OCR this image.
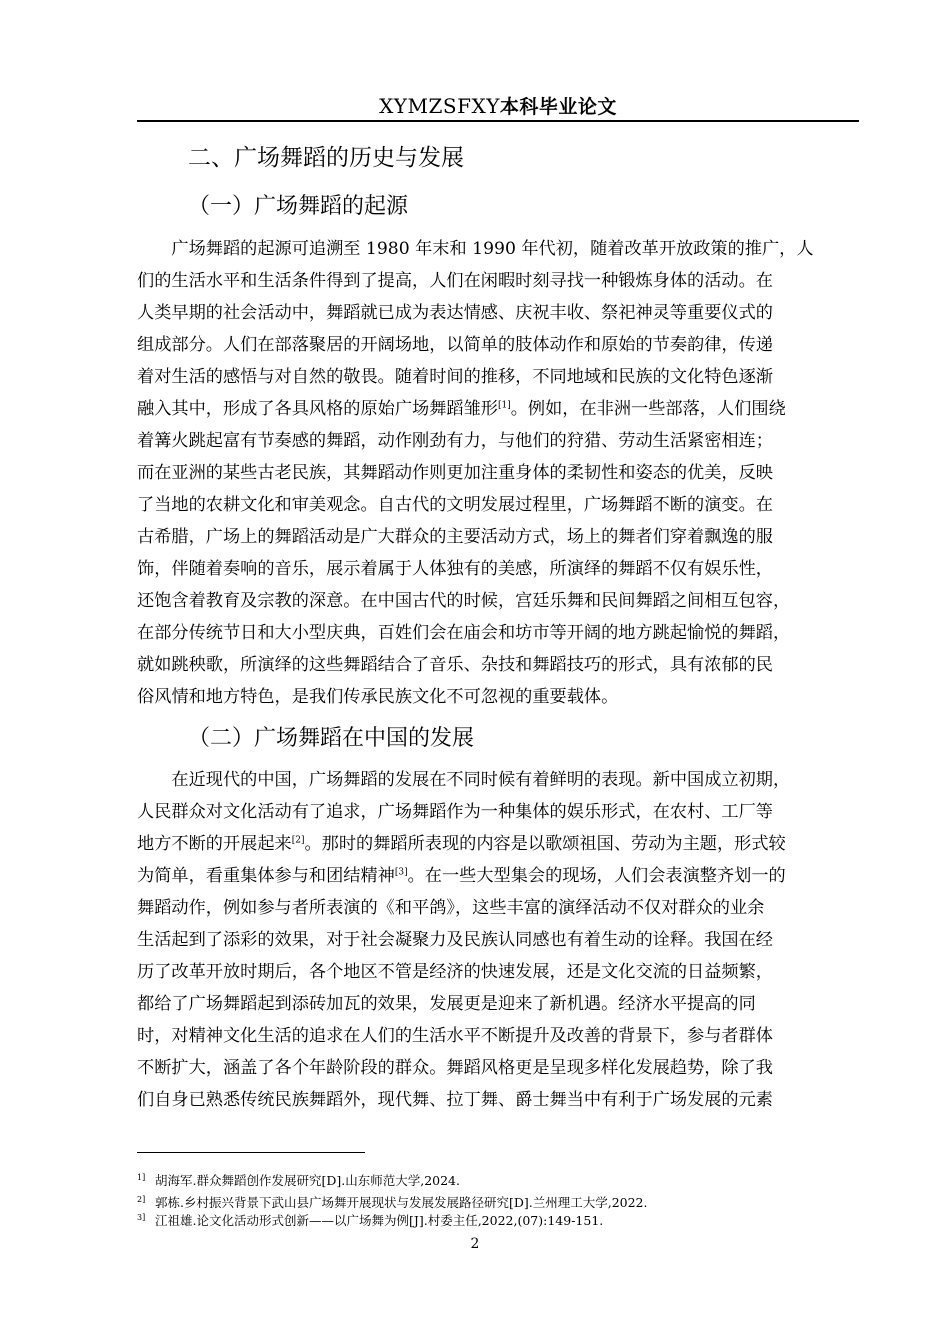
XYMZSFXY本科毕业论文
二、广场舞蹈的历史与发展
（一）广场舞蹈的起源
　　广场舞蹈的起源可追溯至 1980 年末和 1990 年代初，随着改革开放政策的推广，人
们的生活水平和生活条件得到了提高，人们在闲暇时刻寻找一种锻炼身体的活动。在
人类早期的社会活动中，舞蹈就已成为表达情感、庆祝丰收、祭祀神灵等重要仪式的
组成部分。人们在部落聚居的开阔场地，以简单的肢体动作和原始的节奏韵律，传递
着对生活的感悟与对自然的敬畏。随着时间的推移，不同地域和民族的文化特色逐渐
融入其中，形成了各具风格的原始广场舞蹈雏形[1]。例如，在非洲一些部落，人们围绕
着篝火跳起富有节奏感的舞蹈，动作刚劲有力，与他们的狩猎、劳动生活紧密相连；
而在亚洲的某些古老民族，其舞蹈动作则更加注重身体的柔韧性和姿态的优美，反映
了当地的农耕文化和审美观念。自古代的文明发展过程里，广场舞蹈不断的演变。在
古希腊，广场上的舞蹈活动是广大群众的主要活动方式，场上的舞者们穿着飘逸的服
饰，伴随着奏响的音乐，展示着属于人体独有的美感，所演绎的舞蹈不仅有娱乐性，
还饱含着教育及宗教的深意。在中国古代的时候，宫廷乐舞和民间舞蹈之间相互包容，
在部分传统节日和大小型庆典，百姓们会在庙会和坊市等开阔的地方跳起愉悦的舞蹈，
就如跳秧歌，所演绎的这些舞蹈结合了音乐、杂技和舞蹈技巧的形式，具有浓郁的民
俗风情和地方特色，是我们传承民族文化不可忽视的重要载体。
（二）广场舞蹈在中国的发展
　　在近现代的中国，广场舞蹈的发展在不同时候有着鲜明的表现。新中国成立初期，
人民群众对文化活动有了追求，广场舞蹈作为一种集体的娱乐形式，在农村、工厂等
地方不断的开展起来[2]。那时的舞蹈所表现的内容是以歌颂祖国、劳动为主题，形式较
为简单，看重集体参与和团结精神[3]。在一些大型集会的现场，人们会表演整齐划一的
舞蹈动作，例如参与者所表演的《和平鸽》，这些丰富的演绎活动不仅对群众的业余
生活起到了添彩的效果，对于社会凝聚力及民族认同感也有着生动的诠释。我国在经
历了改革开放时期后，各个地区不管是经济的快速发展，还是文化交流的日益频繁，
都给了广场舞蹈起到添砖加瓦的效果，发展更是迎来了新机遇。经济水平提高的同
时，对精神文化生活的追求在人们的生活水平不断提升及改善的背景下，参与者群体
不断扩大，涵盖了各个年龄阶段的群众。舞蹈风格更是呈现多样化发展趋势，除了我
们自身已熟悉传统民族舞蹈外，现代舞、拉丁舞、爵士舞当中有利于广场发展的元素
1] 胡海军.群众舞蹈创作发展研究[D].山东师范大学,2024.
2] 郭栋.乡村振兴背景下武山县广场舞开展现状与发展发展路径研究[D].兰州理工大学,2022.
3] 江祖雄.论文化活动形式创新——以广场舞为例[J].村委主任,2022,(07):149-151.
2
